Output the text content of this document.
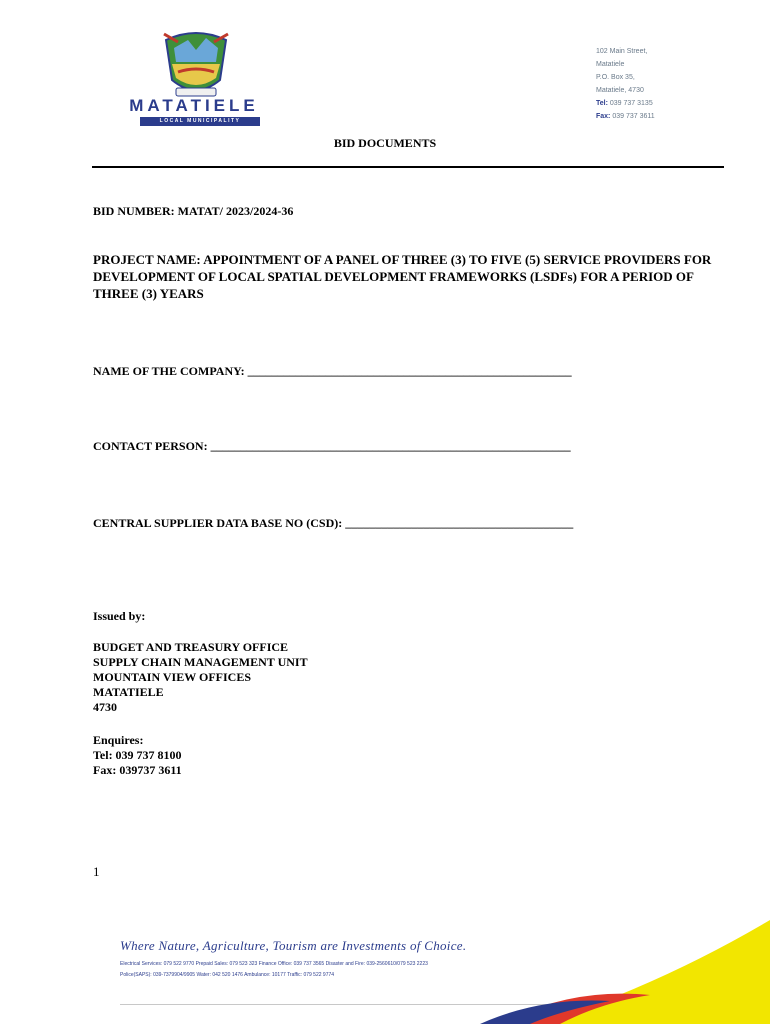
MATATIELE
LOCAL MUNICIPALITY
102 Main Street,
Matatiele
P.O. Box 35,
Matatiele, 4730
Tel: 039 737 3135
Fax: 039 737 3611
BID DOCUMENTS
BID NUMBER: MATAT/ 2023/2024-36
PROJECT NAME: APPOINTMENT OF A PANEL OF THREE (3) TO FIVE (5) SERVICE PROVIDERS FOR DEVELOPMENT OF LOCAL SPATIAL DEVELOPMENT FRAMEWORKS (LSDFs) FOR A PERIOD OF THREE (3) YEARS
NAME OF THE COMPANY: ______________________________________________________
CONTACT PERSON: ____________________________________________________________
CENTRAL SUPPLIER DATA BASE NO (CSD): ______________________________________
Issued by:
BUDGET AND TREASURY OFFICE
SUPPLY CHAIN MANAGEMENT UNIT
MOUNTAIN VIEW OFFICES
MATATIELE
4730
Enquires:
Tel: 039 737 8100
Fax: 039737 3611
1
Where Nature, Agriculture, Tourism are Investments of Choice.
Electrical Services: 079 522 9770 Prepaid Sales: 079 523 323 Finance Office: 039 737 3565 Disaster and Fire: 039-2560610/079 523 2223
Police(SAPS): 039-7379904/9905 Water: 042 520 1476 Ambulance: 10177 Traffic: 079 522 9774
